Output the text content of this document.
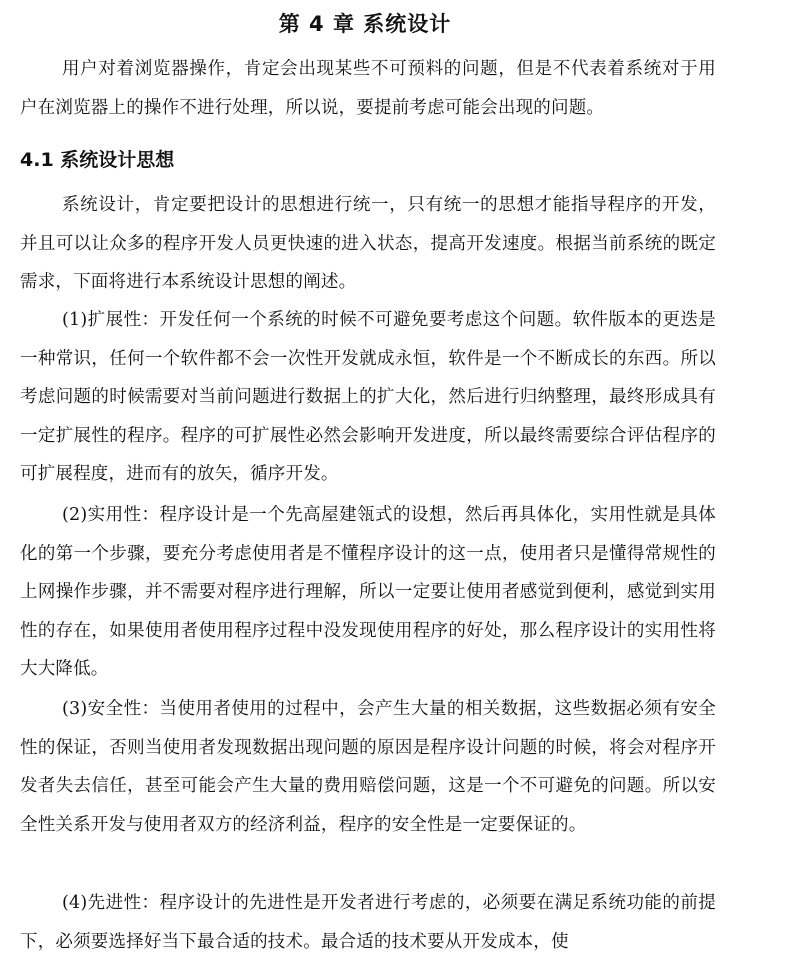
第 4 章 系统设计

用户对着浏览器操作，肯定会出现某些不可预料的问题，但是不代表着系统对于用户在浏览器上的操作不进行处理，所以说，要提前考虑可能会出现的问题。

4.1 系统设计思想

系统设计，肯定要把设计的思想进行统一，只有统一的思想才能指导程序的开发，并且可以让众多的程序开发人员更快速的进入状态，提高开发速度。根据当前系统的既定需求，下面将进行本系统设计思想的阐述。

(1)扩展性：开发任何一个系统的时候不可避免要考虑这个问题。软件版本的更迭是一种常识，任何一个软件都不会一次性开发就成永恒，软件是一个不断成长的东西。所以考虑问题的时候需要对当前问题进行数据上的扩大化，然后进行归纳整理，最终形成具有一定扩展性的程序。程序的可扩展性必然会影响开发进度，所以最终需要综合评估程序的可扩展程度，进而有的放矢，循序开发。

(2)实用性：程序设计是一个先高屋建瓴式的设想，然后再具体化，实用性就是具体化的第一个步骤，要充分考虑使用者是不懂程序设计的这一点，使用者只是懂得常规性的上网操作步骤，并不需要对程序进行理解，所以一定要让使用者感觉到便利，感觉到实用性的存在，如果使用者使用程序过程中没发现使用程序的好处，那么程序设计的实用性将大大降低。

(3)安全性：当使用者使用的过程中，会产生大量的相关数据，这些数据必须有安全性的保证，否则当使用者发现数据出现问题的原因是程序设计问题的时候，将会对程序开发者失去信任，甚至可能会产生大量的费用赔偿问题，这是一个不可避免的问题。所以安全性关系开发与使用者双方的经济利益，程序的安全性是一定要保证的。

(4)先进性：程序设计的先进性是开发者进行考虑的，必须要在满足系统功能的前提下，必须要选择好当下最合适的技术。最合适的技术要从开发成本，使
